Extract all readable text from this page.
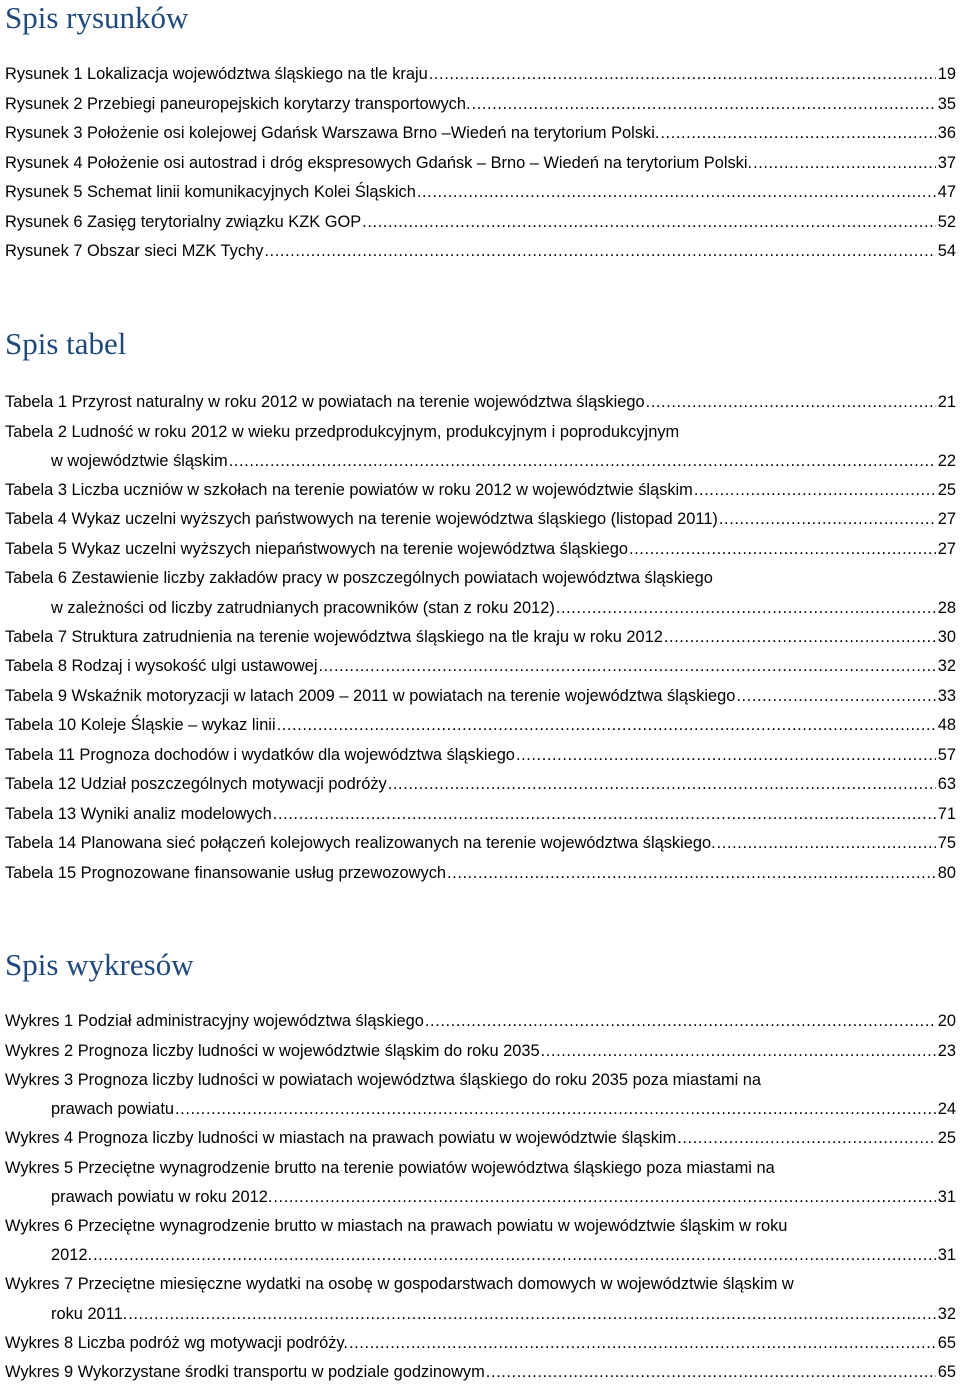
Spis rysunków
Rysunek 1 Lokalizacja województwa śląskiego na tle kraju .....	19
Rysunek 2 Przebiegi paneuropejskich korytarzy transportowych. .....	35
Rysunek 3 Położenie osi kolejowej Gdańsk Warszawa Brno –Wiedeń na terytorium Polski. .....	36
Rysunek 4 Położenie osi autostrad i dróg ekspresowych Gdańsk – Brno – Wiedeń na terytorium Polski. .....	37
Rysunek 5 Schemat linii komunikacyjnych Kolei Śląskich .....	47
Rysunek 6 Zasięg terytorialny związku KZK GOP .....	52
Rysunek 7 Obszar sieci MZK Tychy .....	54
Spis tabel
Tabela 1 Przyrost naturalny w roku 2012 w powiatach na terenie województwa śląskiego .....	21
Tabela 2 Ludność w roku 2012 w wieku przedprodukcyjnym, produkcyjnym i poprodukcyjnym
w województwie śląskim .....	22
Tabela 3 Liczba uczniów w szkołach na terenie powiatów w roku 2012 w województwie śląskim .....	25
Tabela 4 Wykaz uczelni wyższych państwowych na terenie województwa śląskiego (listopad 2011) .....	27
Tabela 5 Wykaz uczelni wyższych niepaństwowych na terenie województwa śląskiego .....	27
Tabela 6 Zestawienie liczby zakładów pracy w poszczególnych powiatach województwa śląskiego
w zależności od liczby zatrudnianych pracowników (stan z roku 2012) .....	28
Tabela 7 Struktura zatrudnienia na terenie województwa śląskiego na tle kraju w roku 2012 .....	30
Tabela 8 Rodzaj i wysokość ulgi ustawowej .....	32
Tabela 9 Wskaźnik motoryzacji w latach 2009 – 2011 w powiatach na terenie województwa śląskiego .....	33
Tabela 10 Koleje Śląskie – wykaz linii .....	48
Tabela 11 Prognoza dochodów i wydatków dla województwa śląskiego .....	57
Tabela 12 Udział poszczególnych motywacji podróży .....	63
Tabela 13 Wyniki analiz modelowych .....	71
Tabela 14 Planowana sieć połączeń kolejowych realizowanych na terenie województwa śląskiego. .....	75
Tabela 15 Prognozowane finansowanie usług przewozowych .....	80
Spis wykresów
Wykres 1 Podział administracyjny województwa śląskiego .....	20
Wykres 2 Prognoza liczby ludności w województwie śląskim do roku 2035 .....	23
Wykres 3 Prognoza liczby ludności w powiatach województwa śląskiego do roku 2035 poza miastami na
prawach powiatu .....	24
Wykres 4 Prognoza liczby ludności w miastach na prawach powiatu w województwie śląskim .....	25
Wykres 5 Przeciętne wynagrodzenie brutto na terenie powiatów województwa śląskiego poza miastami na
prawach powiatu w roku 2012. .....	31
Wykres 6 Przeciętne wynagrodzenie brutto w miastach na prawach powiatu w województwie śląskim w roku
2012. .....	31
Wykres 7 Przeciętne miesięczne wydatki na osobę w gospodarstwach domowych w województwie śląskim w
roku 2011. .....	32
Wykres 8 Liczba podróż wg motywacji podróży. .....	65
Wykres 9 Wykorzystane środki transportu w podziale godzinowym .....	65
